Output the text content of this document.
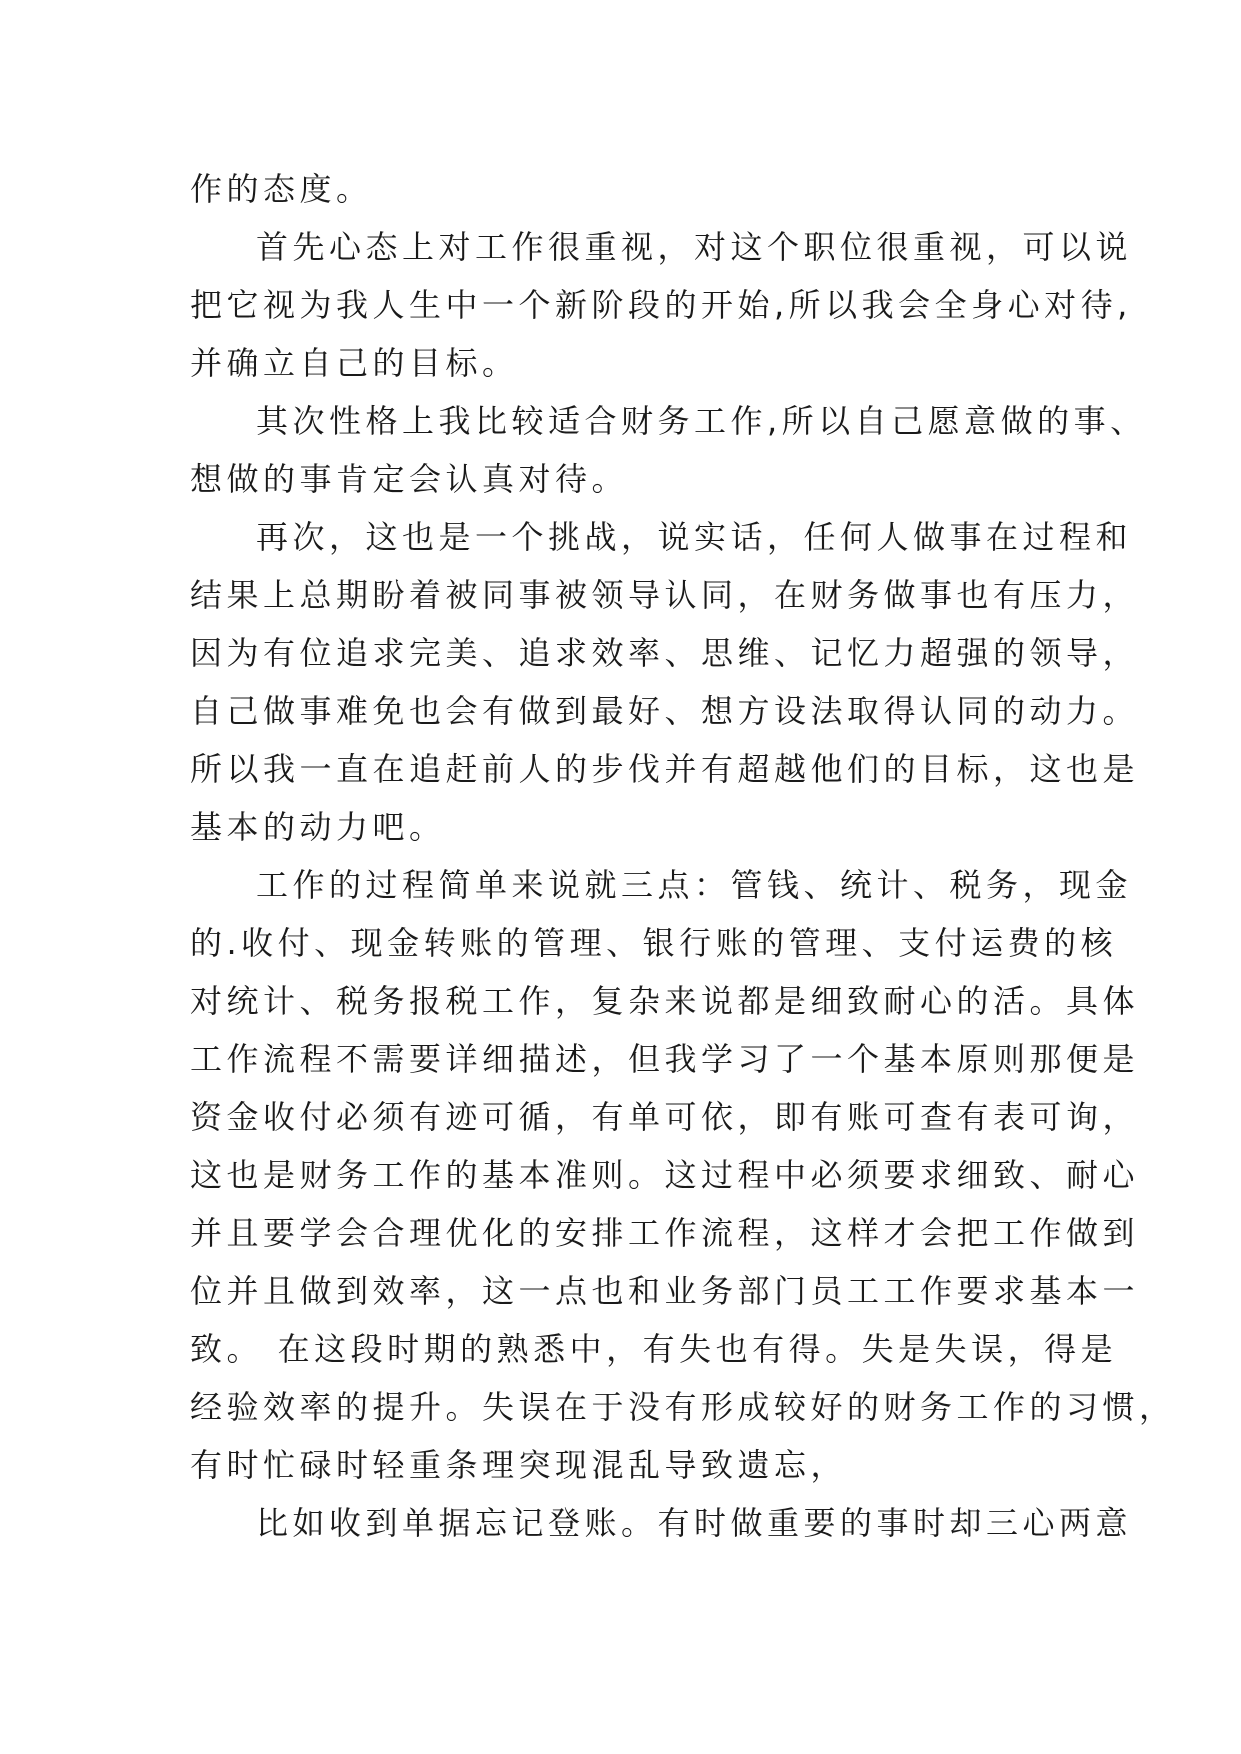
作的态度。
首先心态上对工作很重视，对这个职位很重视，可以说
把它视为我人生中一个新阶段的开始,所以我会全身心对待,
并确立自己的目标。
其次性格上我比较适合财务工作,所以自己愿意做的事、
想做的事肯定会认真对待。
再次，这也是一个挑战，说实话，任何人做事在过程和
结果上总期盼着被同事被领导认同，在财务做事也有压力，
因为有位追求完美、追求效率、思维、记忆力超强的领导，
自己做事难免也会有做到最好、想方设法取得认同的动力。
所以我一直在追赶前人的步伐并有超越他们的目标，这也是
基本的动力吧。
工作的过程简单来说就三点：管钱、统计、税务，现金
的.收付、现金转账的管理、银行账的管理、支付运费的核
对统计、税务报税工作，复杂来说都是细致耐心的活。具体
工作流程不需要详细描述，但我学习了一个基本原则那便是
资金收付必须有迹可循，有单可依，即有账可查有表可询，
这也是财务工作的基本准则。这过程中必须要求细致、耐心
并且要学会合理优化的安排工作流程，这样才会把工作做到
位并且做到效率，这一点也和业务部门员工工作要求基本一
致。 在这段时期的熟悉中，有失也有得。失是失误，得是
经验效率的提升。失误在于没有形成较好的财务工作的习惯，
有时忙碌时轻重条理突现混乱导致遗忘，
比如收到单据忘记登账。有时做重要的事时却三心两意
